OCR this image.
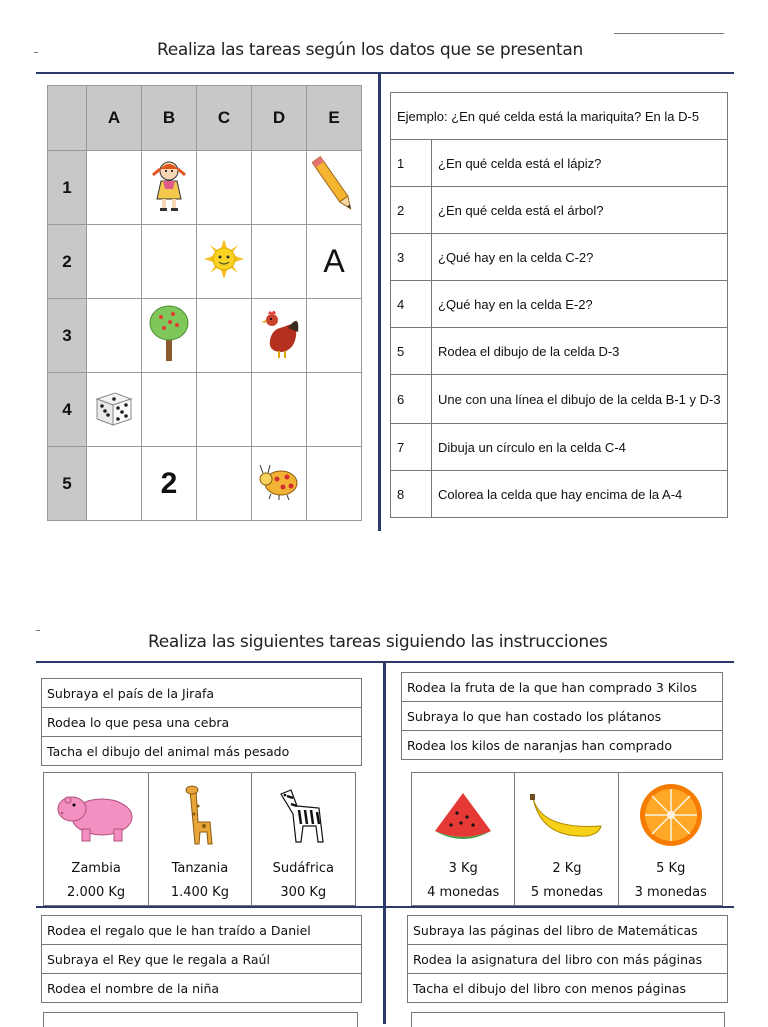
Realiza las tareas según los datos que se presentan
	A	B	C	D	E
1					
2					A
3					
4					
5		2			
Ejemplo: ¿En qué celda está la mariquita? En la D-5	
1	¿En qué celda está el lápiz?
2	¿En qué celda está el árbol?
3	¿Qué hay en la celda C-2?
4	¿Qué hay en la celda E-2?
5	Rodea el dibujo de la celda D-3
6	Une con una línea el dibujo de la celda B-1 y D-3
7	Dibuja un círculo en la celda C-4
8	Colorea la celda que hay encima de la A-4
Realiza las siguientes tareas siguiendo las instrucciones
Subraya el país de la Jirafa
Rodea lo que pesa una cebra
Tacha el dibujo del animal más pesado
Zambia
2.000 Kg

Tanzania
1.400 Kg

Sudáfrica
300 Kg
Rodea la fruta de la que han comprado 3 Kilos
Subraya lo que han costado los plátanos
Rodea los kilos de naranjas han comprado
3 Kg
4 monedas

2 Kg
5 monedas

5 Kg
3 monedas
Rodea el regalo que le han traído a Daniel
Subraya el Rey que le regala a Raúl
Rodea el nombre de la niña
Subraya las páginas del libro de Matemáticas
Rodea la asignatura del libro con más páginas
Tacha el dibujo del libro con menos páginas
